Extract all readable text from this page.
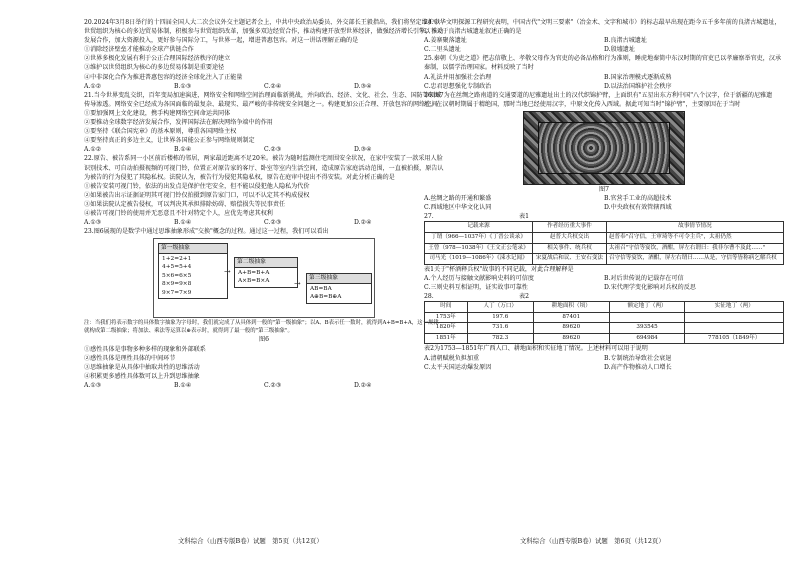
20.2024年3月8日举行的十四届全国人大二次会议外交主题记者会上，中共中央政治局委员、外交部长王毅指出，我们将坚定维护以世贸组织为核心的多边贸易体制，积极参与世贸组织改革，加强多双边经贸合作，推动构建开放型世界经济，做强经济增长引擎，推动发展合作，加大资源投入，更好参与国际分工，与世界一起，增进普惠包容。对这一讲话理解正确的是

①消除经济壁垒才能推动全球产供链合作

②世界多极化发展有利于公正合理国际经济秩序的建立

③维护以世贸组织为核心的多边贸易体制是重要途径

④中非深化合作为推进普惠包容的经济全球化注入了正能量

A.①②	B.①③	C.②④	D.③④

21.当今世界变乱交织，百年变局加速演进，网络安全和网络空间治理面临新挑战，并向政治、经济、文化、社会、生态、国防等领域传导渗透。网络安全已经成为各国面临的最复杂、最现实、最严峻的非传统安全问题之一。构建更加公正合理、开放包容的网络空间

①要加强网上文化建设，携手构建网络空间命运共同体

②要推动全球数字经济发展合作，发挥国际法在解决网络争端中的作用

③要坚持《联合国宪章》的基本原则，尊重各国网络主权

④要坚持真正的多边主义，让世界各国能公正参与网络规则制定

A.①②	B.①④	C.②③	D.③④

22.原告、被告系同一小区前后楼栋的邻居，两家最近距离不足20米。被告为随时监测住宅周围安全状况，在家中安装了一款采用人脸识别技术、可自动拍摄视频的可视门铃，位置正对原告家的客厅、卧室等室内生活空间，造成原告家庭活动范围，一直被拍摄，原告认为被告的行为侵犯了其隐私权。法院认为，被告行为侵犯其隐私权，原告在庭审中提出不得安装。对此分析正确的是

①被告安装可视门铃，依法的出发点是保护住宅安全，但不能以侵犯他人隐私为代价

②如果被告出示证据证明其可视门铃仅拍摄到原告家门口，可以不认定其不构成侵权

③如果法院认定被告侵权，可以判决其承担排除妨碍、赔偿损失等民事责任

④被告可视门铃的使用并无恶意且不针对特定个人，应优先考虑其权利

A.①③	B.①④	C.②③	D.②④

23.图6展现的是数学中通过思维抽象形成"交换"概念的过程。通过这一过程，我们可以看出

第一级抽象
1+2=2+1
4+5=5+4
5×6=6×5
8×9=9×8
9×7=7×9
→
第二级抽象
A+B=B+A
A×B=B×A	→
第三级抽象
AB=BA
A⊕B=B⊕A

注：当我们将表示数字的具体数字抽象为字母时，我们就完成了从具体到一般的"第一级抽象"；以A、B表示任一数时，就得到A+B=B+A，这一规律就构成第二级抽象；将加法、乘法等运算以⊕表示时，就得到了最一般的"第三级抽象"。

图6

①感性具体是事物多种多样的现象和外部联系

②感性具体是理性具体的中间环节

③思维抽象是从具体中抽取共性的思维活动

④积累更多感性具体数可以上升到思维抽象

A.①③	B.①④	C.②③	D.②④
文科综合（山西专版B卷）试题　第5页（共12页）

24.中华文明探源工程研究表明，中国古代"文明三要素"（冶金术、文字和城市）的标志最早出现在距今五千多年前的良渚古城遗址，以下关于良渚古城遗址叙述正确的是

A.姜寨聚落遗址	B.良渚古城遗址
C.二里头遗址	D.殷墟遗址

25.秦朝《为吏之道》把志信敬上、孝敬父母作为官吏的必备品格和行为准则，睡虎地秦简中东汉时期的官吏已以孝廉察举官吏，汉承秦制，以儒学治理国家。材料反映了当时

A.礼法并用加强社会治理	B.国家治理模式逐渐成熟
C.忠君思想强化专制政治	D.以法治国维护社会秩序

26.图7为在丝绸之路南道的交通要道的尼雅遗址出土的汉代织锦护臂，上面织有"五星出东方利中国"八个汉字，位于新疆的尼雅遗址，在汉朝时期属于精绝国，那时当地已经使用汉字，中原文化传入西域。据此可知当时"锦护臂"，主要原因在于当时

图7

A.丝绸之路的开通和繁盛	B.官营手工业的高超技术
C.西域地区中华文化认同	D.中央政权有效管辖西域

27.　　　　　　　　　　　　　　表1

记载来源	作者经历重大事件	故事情节情况
丁谓（966—1037年）《丁晋公谈录》	赵普大兵权交出	赵普奉"召守信，王审琦等不可令主兵"，太祖仍然
王曾（978—1038年）《王文正公笔录》	相关事件、统兵权	太祖召"守信等宴饮，酒酣，屏左右谓曰：我非尔曹不及此……"
司马光（1019—1086年）《涑水记闻》	宋夏战后和议、王安石变法	召守信等宴饮，酒酣，屏左右谓曰……从是，守信等皆称病乞解兵权

表1关于"杯酒释兵权"故事的不同记载，对此合理解释是

A.个人经历与接触文献影响史料的可信度	B.对后世传说的记载存在可信
C.三则史料互相证明，证实故事可靠性	D.宋代理学变化影响对兵权的反思

28.　　　　　　　　　　　　　　表2

时间	人丁（万口）	耕地面积（顷）	额定地丁（两）	实征地丁（两）
1753年	197.6	87401		
1820年	731.6	89620	393545	
1851年	782.3	89620	694984	778105（1849年）

表2为1753—1851年广西人口、耕地面积和实征地丁情况。上述材料可以用于说明

A.清朝赋税负担加重	B.专制统治导致社会衰退
C.太平天国运动爆发原因	D.高产作物推动人口增长
文科综合（山西专版B卷）试题　第6页（共12页）
